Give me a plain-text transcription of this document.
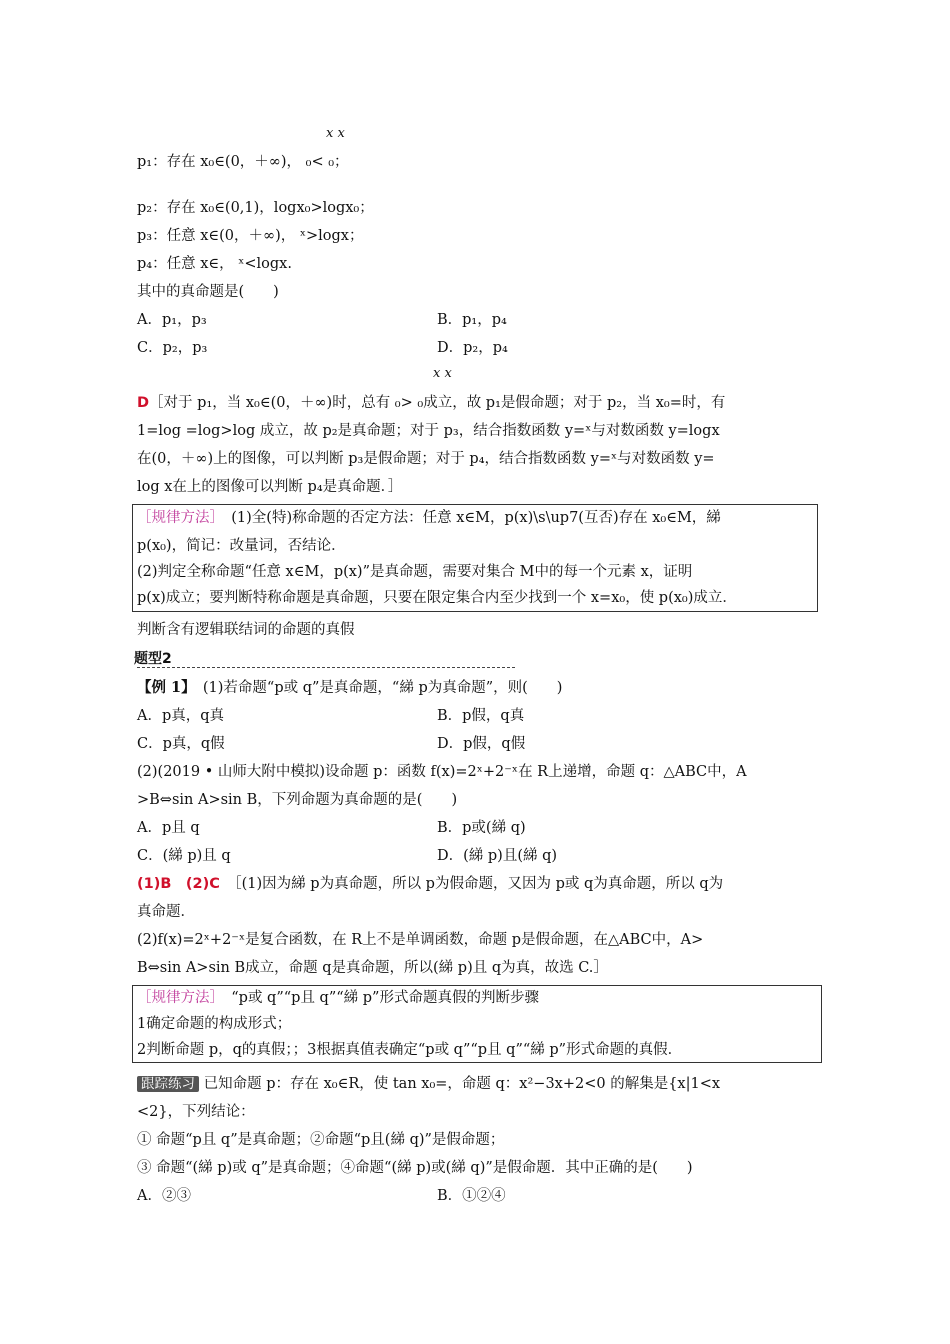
x x
p₁：存在 x₀∈(0，＋∞)， ₀< ₀；
p₂：存在 x₀∈(0,1)，logx₀>logx₀；
p₃：任意 x∈(0，＋∞)， ˣ>logx；
p₄：任意 x∈， ˣ<logx.
其中的真命题是(　　)
A．p₁，p₃	B．p₁，p₄
C．p₂，p₃	D．p₂，p₄
x x
D［对于 p₁，当 x₀∈(0，＋∞)时，总有 ₀> ₀成立，故 p₁是假命题；对于 p₂，当 x₀=时，有
1=log =log>log 成立，故 p₂是真命题；对于 p₃，结合指数函数 y=ˣ与对数函数 y=logx
在(0，＋∞)上的图像，可以判断 p₃是假命题；对于 p₄，结合指数函数 y=ˣ与对数函数 y=
log x在上的图像可以判断 p₄是真命题．］
［规律方法］　(1)全(特)称命题的否定方法：任意 x∈M，p(x)\s\up7(互否)存在 x₀∈M，綈
p(x₀)，简记：改量词，否结论．
(2)判定全称命题“任意 x∈M，p(x)”是真命题，需要对集合 M中的每一个元素 x，证明
p(x)成立；要判断特称命题是真命题，只要在限定集合内至少找到一个 x=x₀，使 p(x₀)成立．
判断含有逻辑联结词的命题的真假
题型2
【例 1】　(1)若命题“p或 q”是真命题，“綈 p为真命题”，则(　　)
A．p真，q真	B．p假，q真
C．p真，q假	D．p假，q假
(2)(2019 • 山师大附中模拟)设命题 p：函数 f(x)=2ˣ+2⁻ˣ在 R上递增，命题 q：△ABC中，A
>B⇔sin A>sin B，下列命题为真命题的是(　　)
A．p且 q	B．p或(綈 q)
C．(綈 p)且 q	D．(綈 p)且(綈 q)
(1)B　(2)C　［(1)因为綈 p为真命题，所以 p为假命题，又因为 p或 q为真命题，所以 q为
真命题．
(2)f(x)=2ˣ+2⁻ˣ是复合函数，在 R上不是单调函数，命题 p是假命题，在△ABC中，A>
B⇔sin A>sin B成立，命题 q是真命题，所以(綈 p)且 q为真，故选 C.］
［规律方法］　“p或 q”“p且 q”“綈 p”形式命题真假的判断步骤
1确定命题的构成形式；
2判断命题 p，q的真假；；3根据真值表确定“p或 q”“p且 q”“綈 p”形式命题的真假．
跟踪练习 已知命题 p：存在 x₀∈R，使 tan x₀=，命题 q：x²−3x+2<0 的解集是{x|1<x
<2}，下列结论：
① 命题“p且 q”是真命题；②命题“p且(綈 q)”是假命题；
③ 命题“(綈 p)或 q”是真命题；④命题“(綈 p)或(綈 q)”是假命题．其中正确的是(　　)
A．②③	B．①②④
